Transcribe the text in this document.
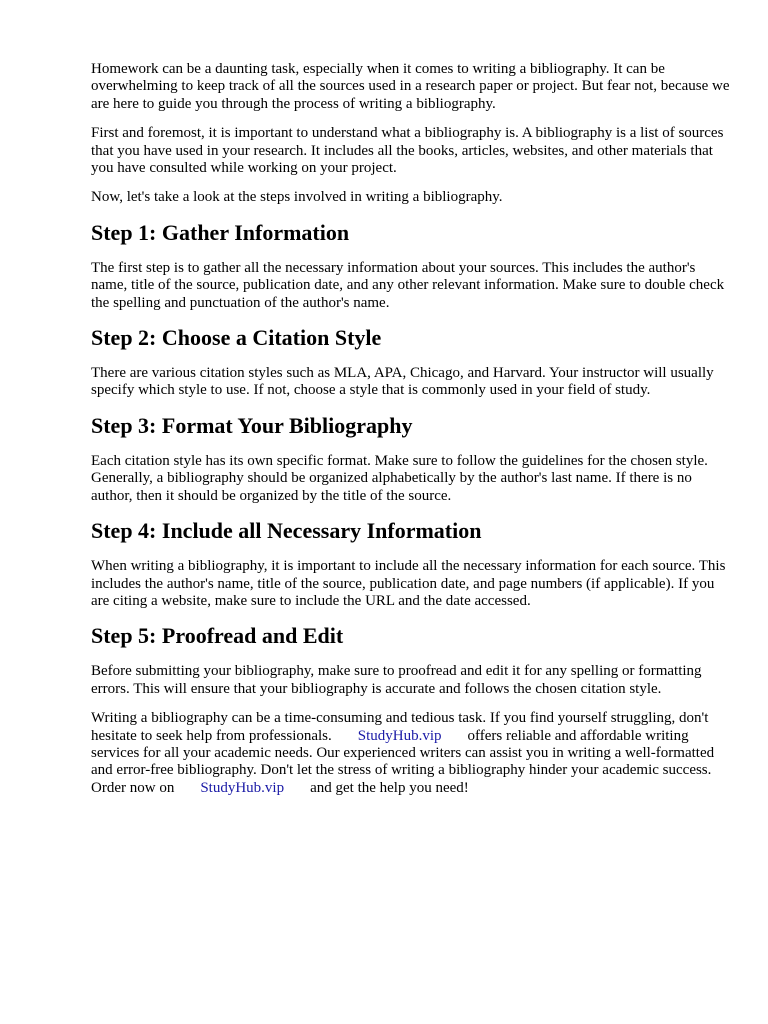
Homework can be a daunting task, especially when it comes to writing a bibliography. It can be overwhelming to keep track of all the sources used in a research paper or project. But fear not, because we are here to guide you through the process of writing a bibliography.

First and foremost, it is important to understand what a bibliography is. A bibliography is a list of sources that you have used in your research. It includes all the books, articles, websites, and other materials that you have consulted while working on your project.

Now, let's take a look at the steps involved in writing a bibliography.

Step 1: Gather Information

The first step is to gather all the necessary information about your sources. This includes the author's name, title of the source, publication date, and any other relevant information. Make sure to double check the spelling and punctuation of the author's name.

Step 2: Choose a Citation Style

There are various citation styles such as MLA, APA, Chicago, and Harvard. Your instructor will usually specify which style to use. If not, choose a style that is commonly used in your field of study.

Step 3: Format Your Bibliography

Each citation style has its own specific format. Make sure to follow the guidelines for the chosen style. Generally, a bibliography should be organized alphabetically by the author's last name. If there is no author, then it should be organized by the title of the source.

Step 4: Include all Necessary Information

When writing a bibliography, it is important to include all the necessary information for each source. This includes the author's name, title of the source, publication date, and page numbers (if applicable). If you are citing a website, make sure to include the URL and the date accessed.

Step 5: Proofread and Edit

Before submitting your bibliography, make sure to proofread and edit it for any spelling or formatting errors. This will ensure that your bibliography is accurate and follows the chosen citation style.

Writing a bibliography can be a time-consuming and tedious task. If you find yourself struggling, don't hesitate to seek help from professionals. StudyHub.vip offers reliable and affordable writing services for all your academic needs. Our experienced writers can assist you in writing a well-formatted and error-free bibliography. Don't let the stress of writing a bibliography hinder your academic success. Order now on StudyHub.vip and get the help you need!
